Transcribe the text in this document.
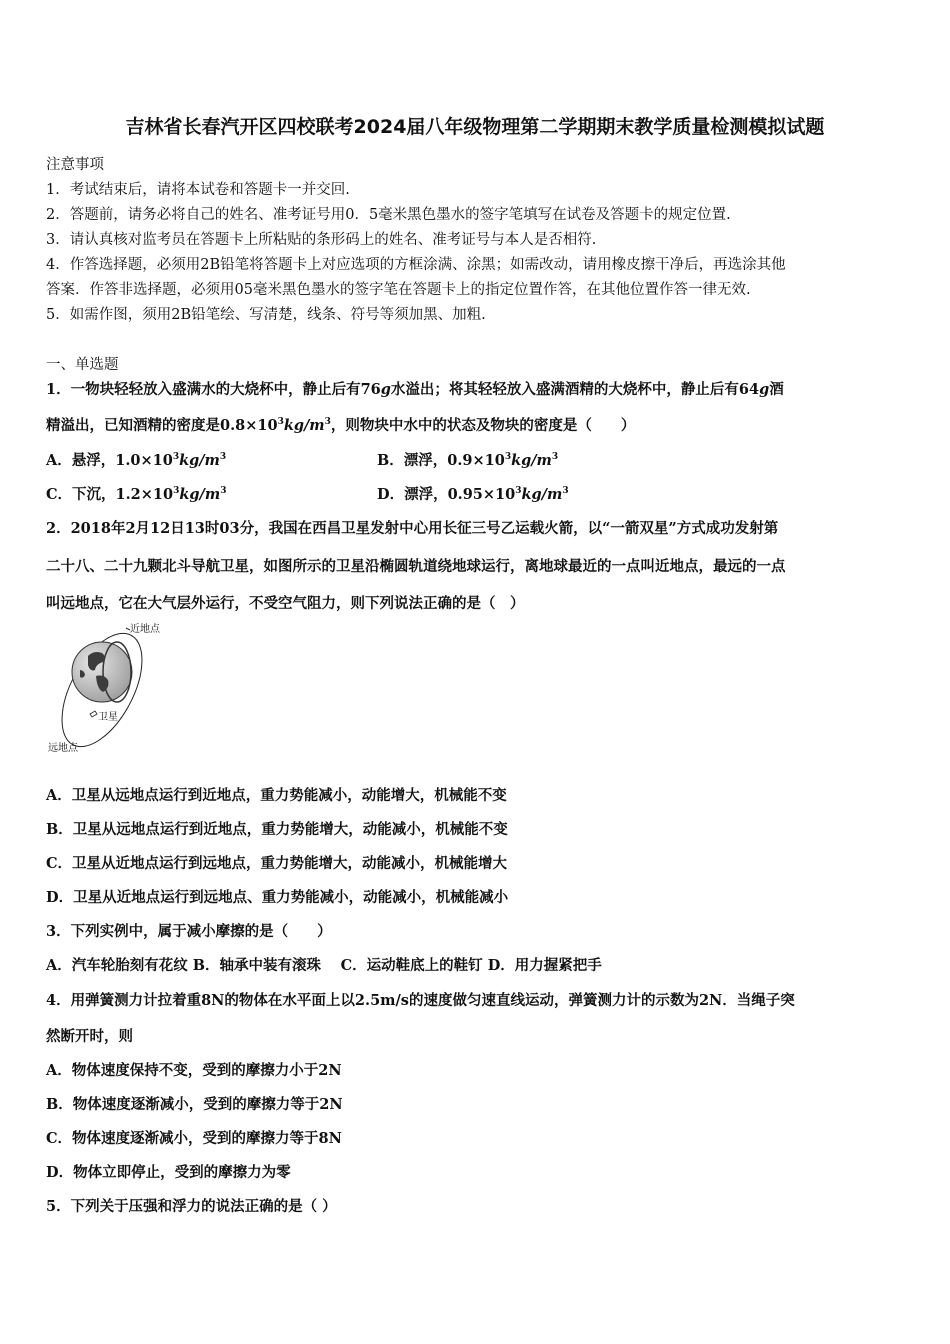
吉林省长春汽开区四校联考2024届八年级物理第二学期期末教学质量检测模拟试题
注意事项
1．考试结束后，请将本试卷和答题卡一并交回.
2．答题前，请务必将自己的姓名、准考证号用0．5毫米黑色墨水的签字笔填写在试卷及答题卡的规定位置.
3．请认真核对监考员在答题卡上所粘贴的条形码上的姓名、准考证号与本人是否相符.
4．作答选择题，必须用2B铅笔将答题卡上对应选项的方框涂满、涂黑；如需改动，请用橡皮擦干净后，再选涂其他
答案．作答非选择题，必须用05毫米黑色墨水的签字笔在答题卡上的指定位置作答，在其他位置作答一律无效.
5．如需作图，须用2B铅笔绘、写清楚，线条、符号等须加黑、加粗.
一、单选题
1．一物块轻轻放入盛满水的大烧杯中，静止后有76g水溢出；将其轻轻放入盛满酒精的大烧杯中，静止后有64g酒
精溢出，已知酒精的密度是$0.8\times 10^3kg/m^3$，则物块中水中的状态及物块的密度是（　　）
A．悬浮，$1.0\times 10^3kg/m^3$	B．漂浮，$0.9\times 10^3kg/m^3$
C．下沉，$1.2\times 10^3kg/m^3$	D．漂浮，$0.95\times 10^3kg/m^3$
2．2018年2月12日13时03分，我国在西昌卫星发射中心用长征三号乙运载火箭，以“一箭双星”方式成功发射第
二十八、二十九颗北斗导航卫星，如图所示的卫星沿椭圆轨道绕地球运行，离地球最近的一点叫近地点，最远的一点
叫远地点，它在大气层外运行，不受空气阻力，则下列说法正确的是（　）
近地点
卫星
远地点
A．卫星从远地点运行到近地点，重力势能减小，动能增大，机械能不变
B．卫星从远地点运行到近地点，重力势能增大，动能减小，机械能不变
C．卫星从近地点运行到远地点，重力势能增大，动能减小，机械能增大
D．卫星从近地点运行到远地点、重力势能减小，动能减小，机械能减小
3．下列实例中，属于减小摩擦的是（　　）
A．汽车轮胎刻有花纹 B．轴承中装有滚珠　 C．运动鞋底上的鞋钉 D．用力握紧把手
4．用弹簧测力计拉着重8N的物体在水平面上以2.5m/s的速度做匀速直线运动，弹簧测力计的示数为2N．当绳子突
然断开时，则
A．物体速度保持不变，受到的摩擦力小于2N
B．物体速度逐渐减小，受到的摩擦力等于2N
C．物体速度逐渐减小，受到的摩擦力等于8N
D．物体立即停止，受到的摩擦力为零
5．下列关于压强和浮力的说法正确的是（ ）
